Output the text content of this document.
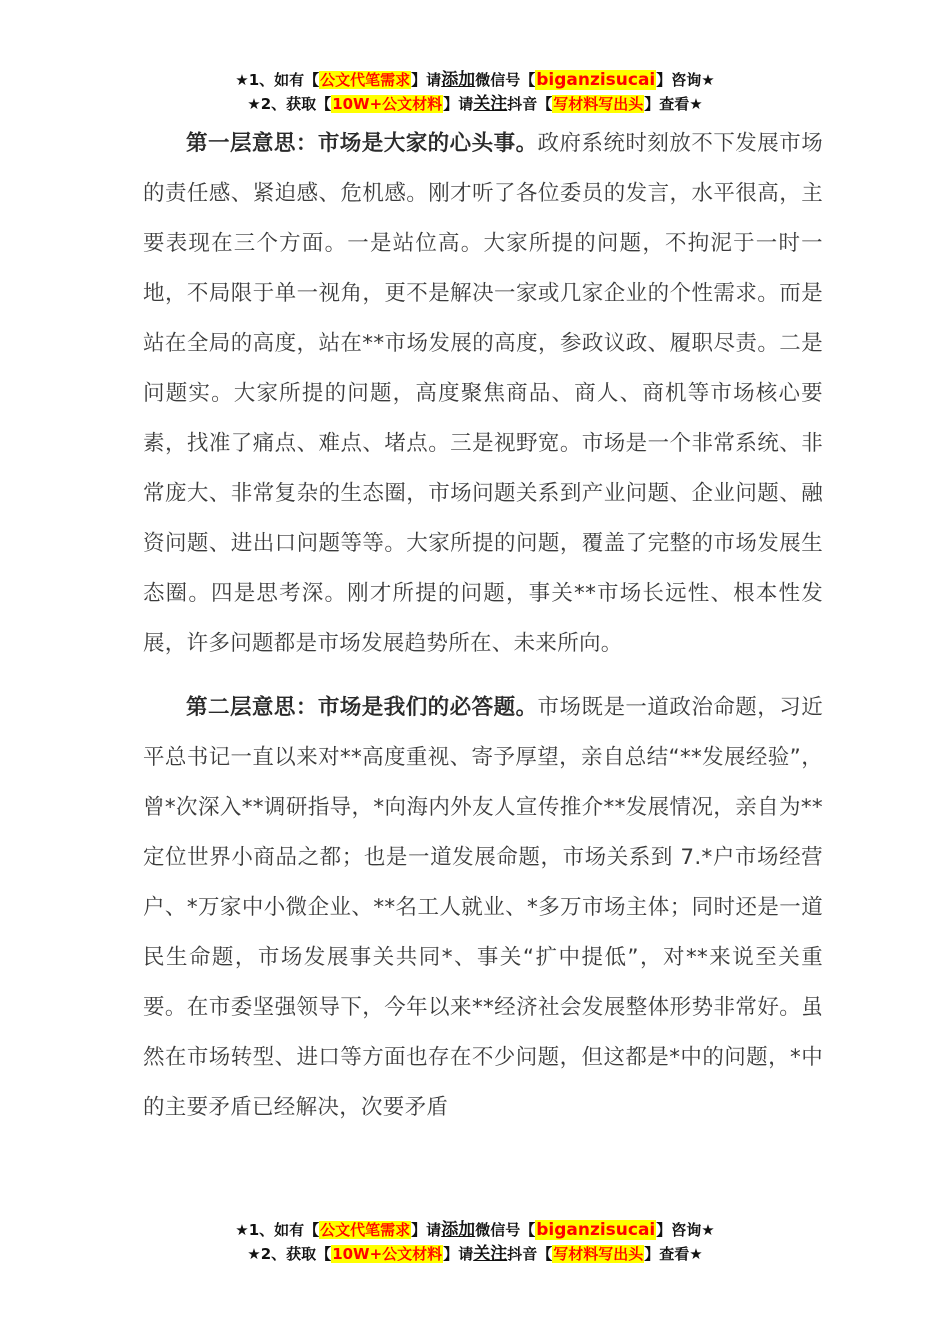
★1、如有【公文代笔需求】请添加微信号【biganzisucai】咨询★
★2、获取【10W+公文材料】请关注抖音【写材料写出头】查看★

第一层意思：市场是大家的心头事。政府系统时刻放不下发展市场的责任感、紧迫感、危机感。刚才听了各位委员的发言，水平很高，主要表现在三个方面。一是站位高。大家所提的问题，不拘泥于一时一地，不局限于单一视角，更不是解决一家或几家企业的个性需求。而是站在全局的高度，站在**市场发展的高度，参政议政、履职尽责。二是问题实。大家所提的问题，高度聚焦商品、商人、商机等市场核心要素，找准了痛点、难点、堵点。三是视野宽。市场是一个非常系统、非常庞大、非常复杂的生态圈，市场问题关系到产业问题、企业问题、融资问题、进出口问题等等。大家所提的问题，覆盖了完整的市场发展生态圈。四是思考深。刚才所提的问题，事关**市场长远性、根本性发展，许多问题都是市场发展趋势所在、未来所向。

第二层意思：市场是我们的必答题。市场既是一道政治命题，习近平总书记一直以来对**高度重视、寄予厚望，亲自总结“**发展经验”，曾*次深入**调研指导，*向海内外友人宣传推介**发展情况，亲自为**定位世界小商品之都；也是一道发展命题，市场关系到 7.*户市场经营户、*万家中小微企业、**名工人就业、*多万市场主体；同时还是一道民生命题，市场发展事关共同*、事关“扩中提低”，对**来说至关重要。在市委坚强领导下，今年以来**经济社会发展整体形势非常好。虽然在市场转型、进口等方面也存在不少问题，但这都是*中的问题，*中的主要矛盾已经解决，次要矛盾

★1、如有【公文代笔需求】请添加微信号【biganzisucai】咨询★
★2、获取【10W+公文材料】请关注抖音【写材料写出头】查看★
